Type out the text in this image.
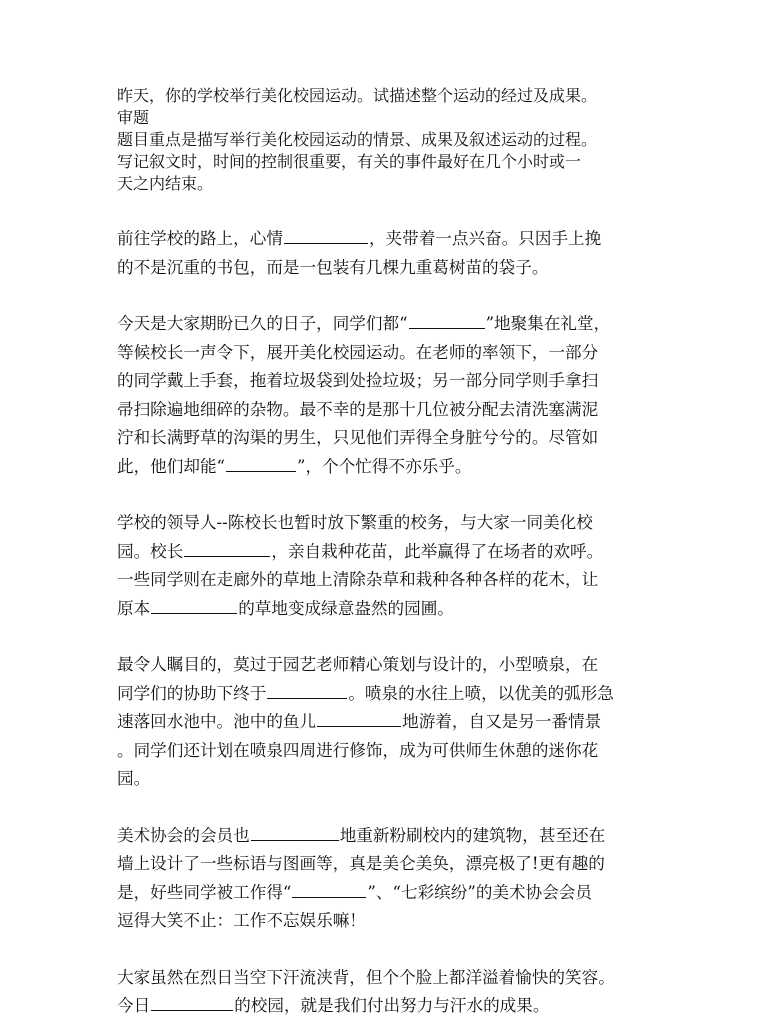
昨天，你的学校举行美化校园运动。试描述整个运动的经过及成果。

审题

题目重点是描写举行美化校园运动的情景、成果及叙述运动的过程。

写记叙文时，时间的控制很重要，有关的事件最好在几个小时或一

天之内结束。

前往学校的路上，心情	，夹带着一点兴奋。只因手上挽
的不是沉重的书包，而是一包装有几棵九重葛树苗的袋子。
今天是大家期盼已久的日子，同学们都“	”地聚集在礼堂，
等候校长一声令下，展开美化校园运动。在老师的率领下，一部分
的同学戴上手套，拖着垃圾袋到处捡垃圾；另一部分同学则手拿扫
帚扫除遍地细碎的杂物。最不幸的是那十几位被分配去清洗塞满泥
泞和长满野草的沟渠的男生，只见他们弄得全身脏兮兮的。尽管如
此，他们却能“	”，个个忙得不亦乐乎。
学校的领导人--陈校长也暂时放下繁重的校务，与大家一同美化校
园。校长	，亲自栽种花苗，此举赢得了在场者的欢呼。
一些同学则在走廊外的草地上清除杂草和栽种各种各样的花木，让
原本	的草地变成绿意盎然的园圃。
最令人瞩目的，莫过于园艺老师精心策划与设计的，小型喷泉，在
同学们的协助下终于	。喷泉的水往上喷，以优美的弧形急
速落回水池中。池中的鱼儿	地游着，自又是另一番情景
。同学们还计划在喷泉四周进行修饰，成为可供师生休憩的迷你花
园。
美术协会的会员也	地重新粉刷校内的建筑物，甚至还在
墙上设计了一些标语与图画等，真是美仑美奂，漂亮极了!更有趣的
是，好些同学被工作得“	”、“七彩缤纷”的美术协会会员
逗得大笑不止：工作不忘娱乐嘛！
大家虽然在烈日当空下汗流浃背，但个个脸上都洋溢着愉快的笑容。
今日	的校园，就是我们付出努力与汗水的成果。
